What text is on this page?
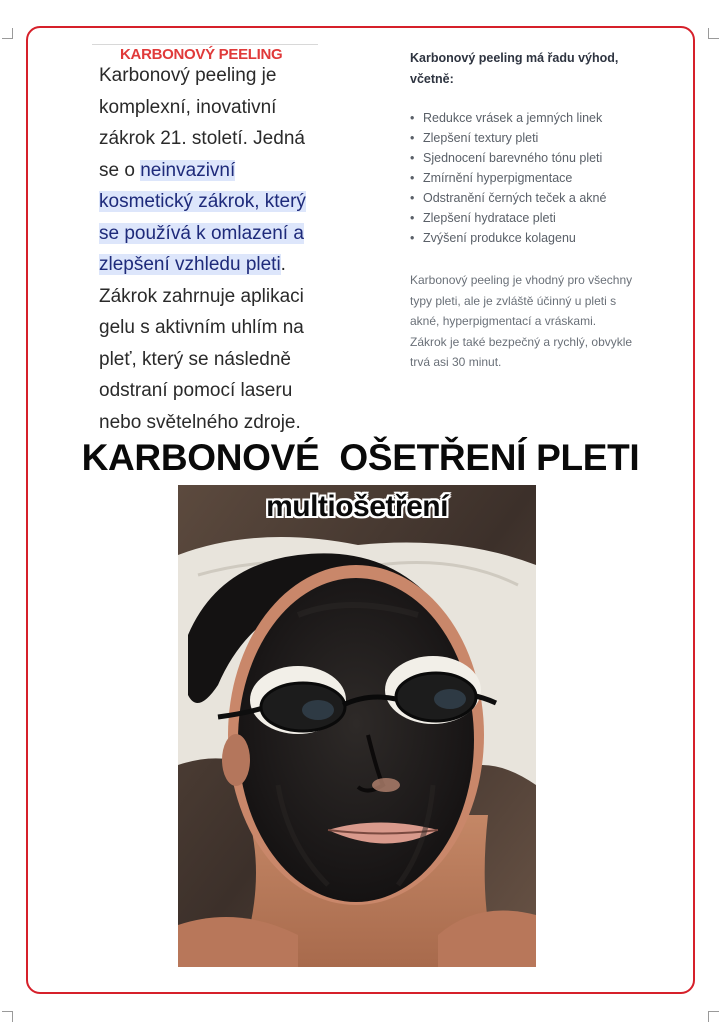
KARBONOVÝ PEELING
Karbonový peeling je komplexní, inovativní zákrok 21. století. Jedná se o neinvazivní kosmetický zákrok, který se používá k omlazení a zlepšení vzhledu pleti. Zákrok zahrnuje aplikaci gelu s aktivním uhlím na pleť, který se následně odstraní pomocí laseru nebo světelného zdroje.

Karbonový peeling má řadu výhod, včetně:

• Redukce vrásek a jemných linek
• Zlepšení textury pleti
• Sjednocení barevného tónu pleti
• Zmírnění hyperpigmentace
• Odstranění černých teček a akné
• Zlepšení hydratace pleti
• Zvýšení produkce kolagenu

Karbonový peeling je vhodný pro všechny typy pleti, ale je zvláště účinný u pleti s akné, hyperpigmentací a vráskami. Zákrok je také bezpečný a rychlý, obvykle trvá asi 30 minut.

KARBONOVÉ  OŠETŘENÍ PLETI
multiošetření
